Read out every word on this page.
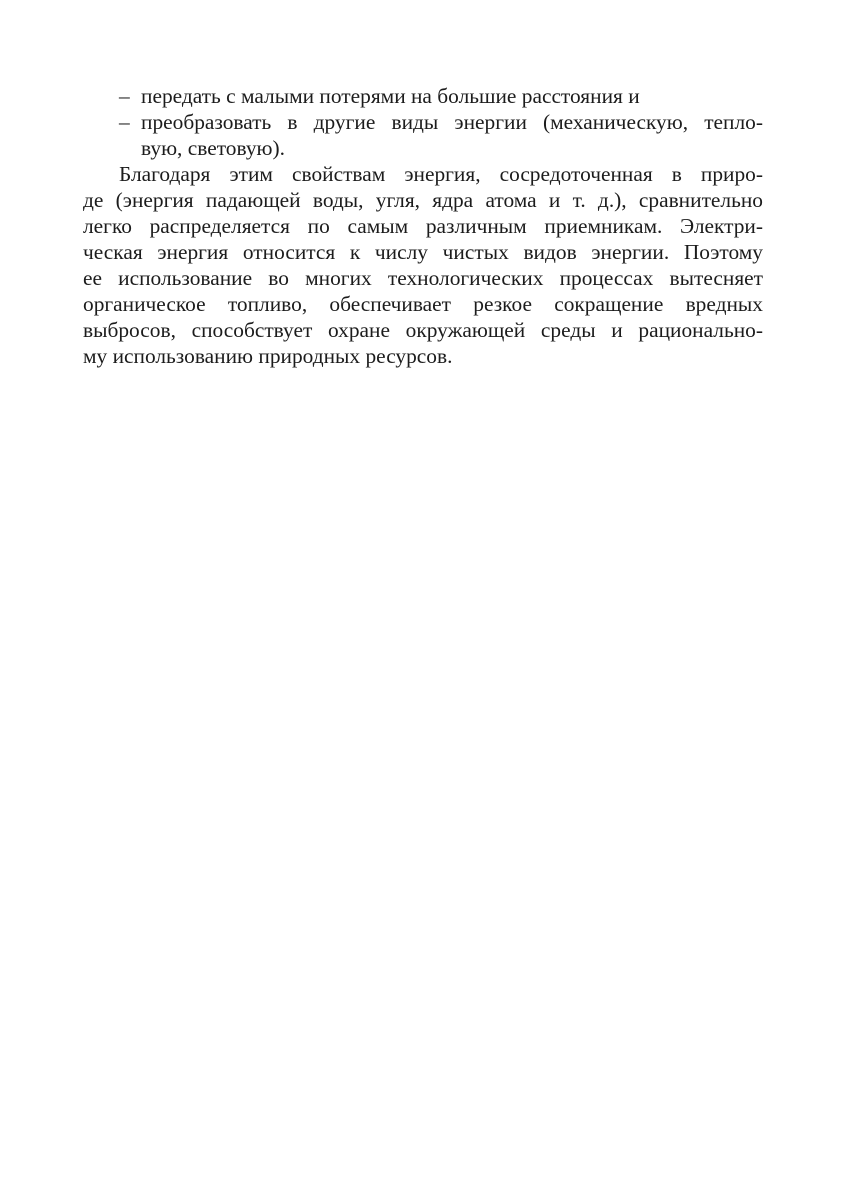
– передать с малыми потерями на большие расстояния и
– преобразовать в другие виды энергии (механическую, тепло-
вую, световую).
Благодаря этим свойствам энергия, сосредоточенная в приро-
де (энергия падающей воды, угля, ядра атома и т. д.), сравнительно
легко распределяется по самым различным приемникам. Электри-
ческая энергия относится к числу чистых видов энергии. Поэтому
ее использование во многих технологических процессах вытесняет
органическое топливо, обеспечивает резкое сокращение вредных
выбросов, способствует охране окружающей среды и рационально-
му использованию природных ресурсов.
